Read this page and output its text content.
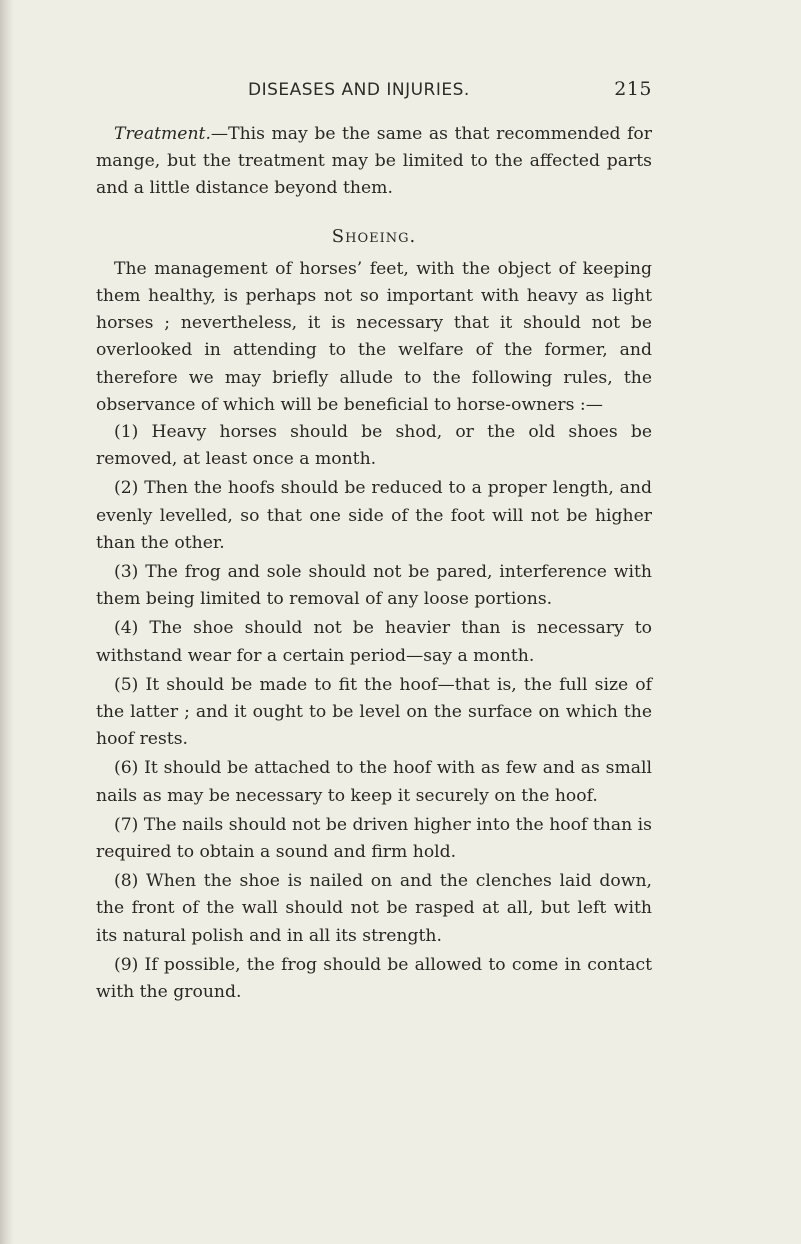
DISEASES AND INJURIES.	215

Treatment.—This may be the same as that recommended for mange, but the treatment may be limited to the affected parts and a little distance beyond them.

Shoeing.

The management of horses’ feet, with the object of keeping them healthy, is perhaps not so important with heavy as light horses ; nevertheless, it is necessary that it should not be overlooked in attending to the welfare of the former, and therefore we may briefly allude to the following rules, the observance of which will be beneficial to horse-owners :—

(1) Heavy horses should be shod, or the old shoes be removed, at least once a month.

(2) Then the hoofs should be reduced to a proper length, and evenly levelled, so that one side of the foot will not be higher than the other.

(3) The frog and sole should not be pared, interference with them being limited to removal of any loose portions.

(4) The shoe should not be heavier than is necessary to withstand wear for a certain period—say a month.

(5) It should be made to fit the hoof—that is, the full size of the latter ; and it ought to be level on the surface on which the hoof rests.

(6) It should be attached to the hoof with as few and as small nails as may be necessary to keep it securely on the hoof.

(7) The nails should not be driven higher into the hoof than is required to obtain a sound and firm hold.

(8) When the shoe is nailed on and the clenches laid down, the front of the wall should not be rasped at all, but left with its natural polish and in all its strength.

(9) If possible, the frog should be allowed to come in contact with the ground.
